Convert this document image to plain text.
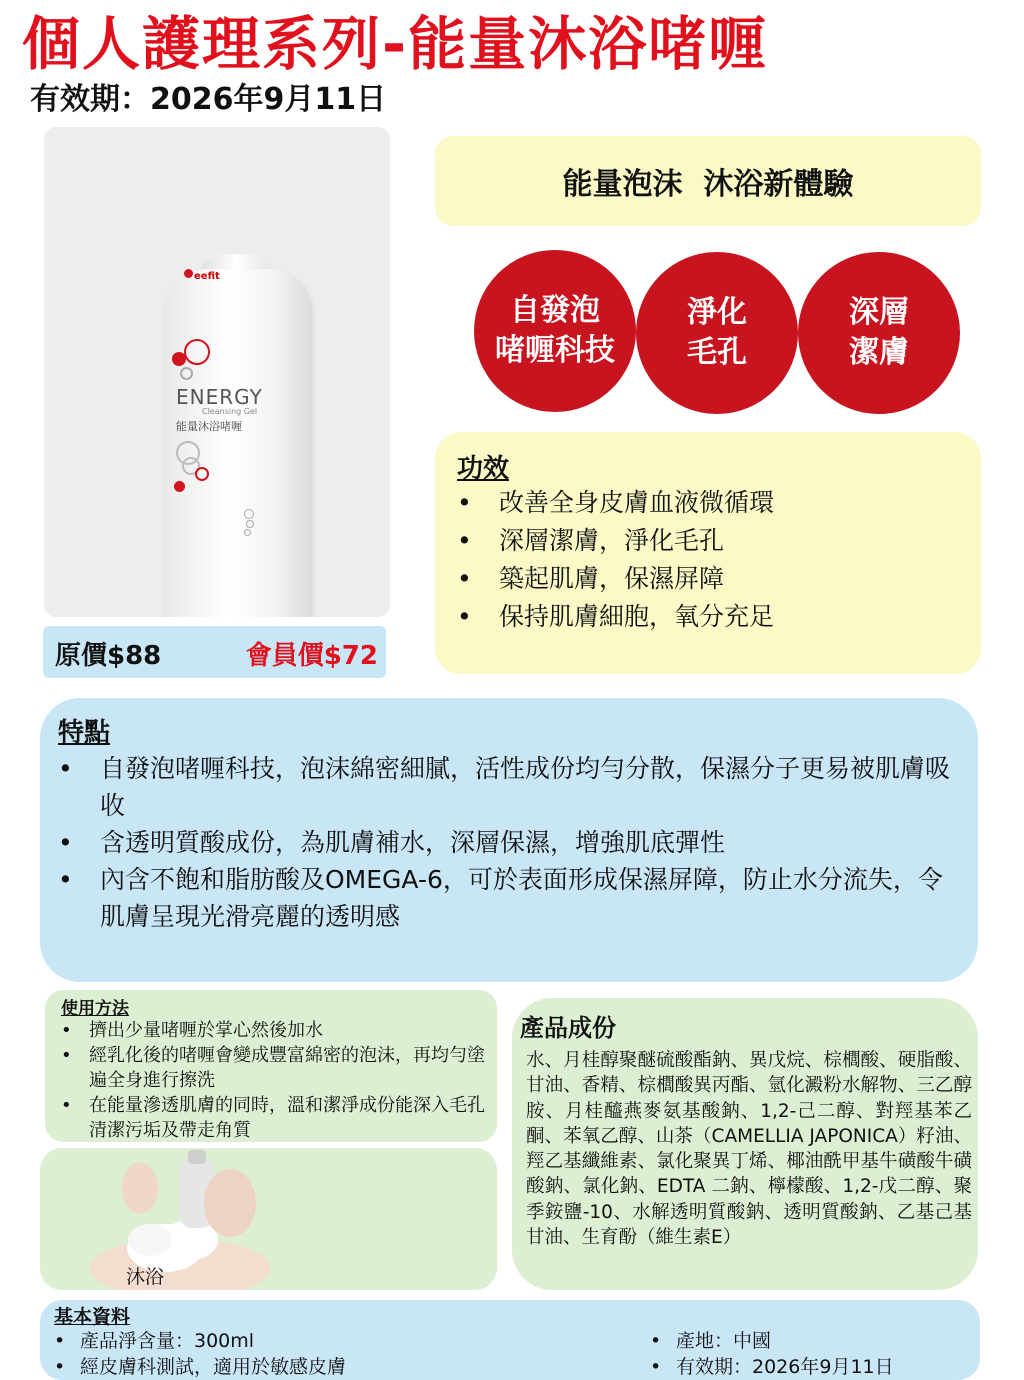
個人護理系列-能量沐浴啫喱
有效期：2026年9月11日
eefit
ENERGY
Cleansing Gel
能量沐浴啫喱
原價$88	會員價$72
能量泡沫  沐浴新體驗
自發泡
啫喱科技
淨化
毛孔
深層
潔膚
功效
• 改善全身皮膚血液微循環
• 深層潔膚，淨化毛孔
• 築起肌膚，保濕屏障
• 保持肌膚細胞，氧分充足
特點
• 自發泡啫喱科技，泡沫綿密細膩，活性成份均勻分散，保濕分子更易被肌膚吸收
• 含透明質酸成份，為肌膚補水，深層保濕，增強肌底彈性
• 內含不飽和脂肪酸及OMEGA-6，可於表面形成保濕屏障，防止水分流失，令肌膚呈現光滑亮麗的透明感
使用方法
• 擠出少量啫喱於掌心然後加水
• 經乳化後的啫喱會變成豐富綿密的泡沫，再均勻塗遍全身進行擦洗
• 在能量滲透肌膚的同時，溫和潔淨成份能深入毛孔清潔污垢及帶走角質
沐浴
產品成份
水、月桂醇聚醚硫酸酯鈉、異戊烷、棕櫚酸、硬脂酸、甘油、香精、棕櫚酸異丙酯、氫化澱粉水解物、三乙醇胺、月桂醯燕麥氨基酸鈉、1,2-己二醇、對羥基苯乙酮、苯氧乙醇、山茶（CAMELLIA JAPONICA）籽油、羥乙基纖維素、氯化聚異丁烯、椰油酰甲基牛磺酸牛磺酸鈉、氯化鈉、EDTA 二鈉、檸檬酸、1,2-戊二醇、聚季銨鹽-10、水解透明質酸鈉、透明質酸鈉、乙基己基甘油、生育酚（維生素E）
基本資料
• 產品淨含量：300ml
• 經皮膚科測試，適用於敏感皮膚
• 產地：中國
• 有效期：2026年9月11日
